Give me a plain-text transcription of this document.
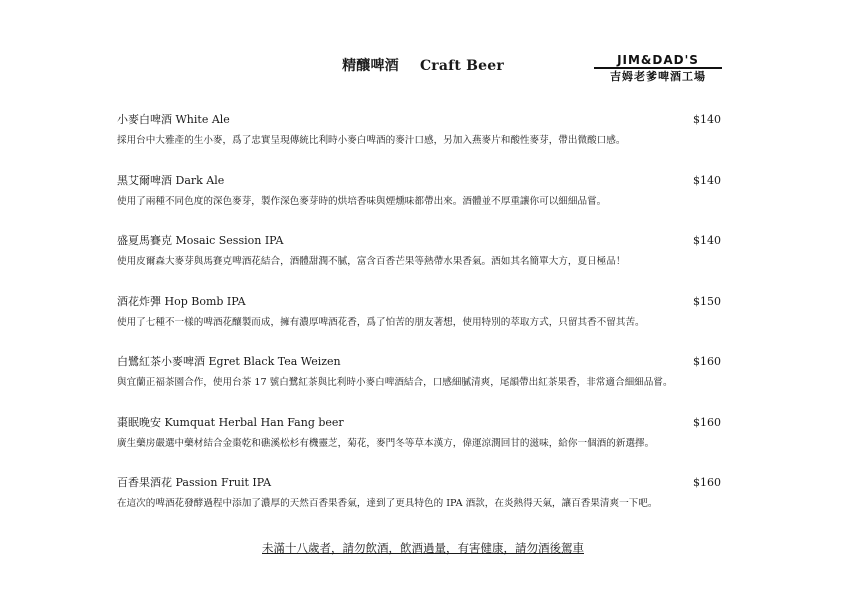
精釀啤酒 Craft Beer	JIM&DAD'S
吉姆老爹啤酒工場
小麥白啤酒 White Ale	$140
採用台中大雅產的生小麥，爲了忠實呈現傳統比利時小麥白啤酒的麥汁口感，另加入燕麥片和酸性麥芽，帶出微酸口感。
黑艾爾啤酒 Dark Ale	$140
使用了兩種不同色度的深色麥芽，製作深色麥芽時的烘培香味與煙燻味都帶出來。酒體並不厚重讓你可以細細品嘗。
盛夏馬賽克 Mosaic Session IPA	$140
使用皮爾森大麥芽與馬賽克啤酒花結合，酒體甜潤不膩，富含百香芒果等熱帶水果香氣。酒如其名簡單大方，夏日極品！
酒花炸彈 Hop Bomb IPA	$150
使用了七種不一樣的啤酒花釀製而成，擁有濃厚啤酒花香，爲了怕苦的朋友著想，使用特別的萃取方式，只留其香不留其苦。
白鷺紅茶小麥啤酒 Egret Black Tea Weizen	$160
與宜蘭正福茶園合作，使用台茶 17 號白鷺紅茶與比利時小麥白啤酒結合，口感細膩清爽，尾韻帶出紅茶果香，非常適合細細品嘗。
棗眠晚安 Kumquat Herbal Han Fang beer	$160
廣生藥房嚴選中藥材結合金棗乾和礁溪松杉有機靈芝，菊花，麥門冬等草本漢方，偉運涼潤回甘的滋味，給你一個酒的新選擇。
百香果酒花 Passion Fruit IPA	$160
在這次的啤酒花發酵過程中添加了濃厚的天然百香果香氣，達到了更具特色的 IPA 酒款，在炎熱得天氣，讓百香果清爽一下吧。
未滿十八歲者，請勿飲酒，飲酒過量，有害健康，請勿酒後駕車
